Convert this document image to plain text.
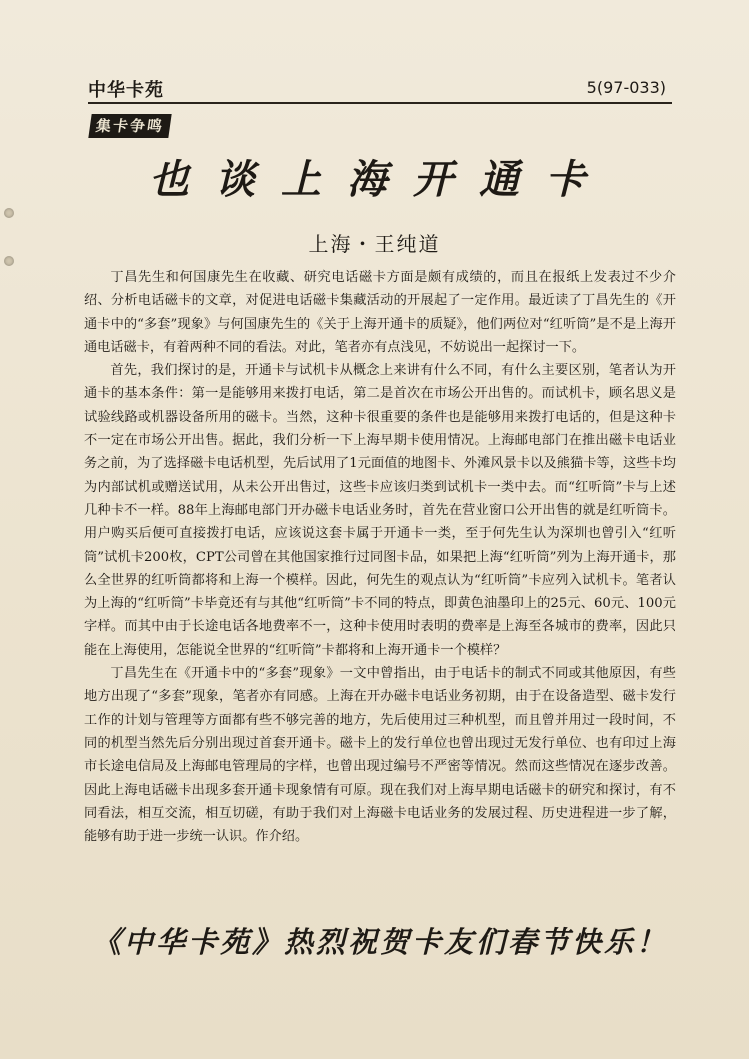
中华卡苑	5(97-033)
集卡争鸣
也谈上海开通卡
上海・王纯道

丁昌先生和何国康先生在收藏、研究电话磁卡方面是颇有成绩的，而且在报纸上发表过不少介绍、分析电话磁卡的文章，对促进电话磁卡集藏活动的开展起了一定作用。最近读了丁昌先生的《开通卡中的“多套”现象》与何国康先生的《关于上海开通卡的质疑》，他们两位对“红听筒”是不是上海开通电话磁卡，有着两种不同的看法。对此，笔者亦有点浅见，不妨说出一起探讨一下。

首先，我们探讨的是，开通卡与试机卡从概念上来讲有什么不同，有什么主要区别，笔者认为开通卡的基本条件：第一是能够用来拨打电话，第二是首次在市场公开出售的。而试机卡，顾名思义是试验线路或机器设备所用的磁卡。当然，这种卡很重要的条件也是能够用来拨打电话的，但是这种卡不一定在市场公开出售。据此，我们分析一下上海早期卡使用情况。上海邮电部门在推出磁卡电话业务之前，为了选择磁卡电话机型，先后试用了1元面值的地图卡、外滩风景卡以及熊猫卡等，这些卡均为内部试机或赠送试用，从未公开出售过，这些卡应该归类到试机卡一类中去。而“红听筒”卡与上述几种卡不一样。88年上海邮电部门开办磁卡电话业务时，首先在营业窗口公开出售的就是红听筒卡。用户购买后便可直接拨打电话，应该说这套卡属于开通卡一类，至于何先生认为深圳也曾引入“红听筒”试机卡200枚，CPT公司曾在其他国家推行过同图卡品，如果把上海“红听筒”列为上海开通卡，那么全世界的红听筒都将和上海一个模样。因此，何先生的观点认为“红听筒”卡应列入试机卡。笔者认为上海的“红听筒”卡毕竟还有与其他“红听筒”卡不同的特点，即黄色油墨印上的25元、60元、100元字样。而其中由于长途电话各地费率不一，这种卡使用时表明的费率是上海至各城市的费率，因此只能在上海使用，怎能说全世界的“红听筒”卡都将和上海开通卡一个模样？

丁昌先生在《开通卡中的“多套”现象》一文中曾指出，由于电话卡的制式不同或其他原因，有些地方出现了“多套”现象，笔者亦有同感。上海在开办磁卡电话业务初期，由于在设备造型、磁卡发行工作的计划与管理等方面都有些不够完善的地方，先后使用过三种机型，而且曾并用过一段时间，不同的机型当然先后分别出现过首套开通卡。磁卡上的发行单位也曾出现过无发行单位、也有印过上海市长途电信局及上海邮电管理局的字样，也曾出现过编号不严密等情况。然而这些情况在逐步改善。因此上海电话磁卡出现多套开通卡现象情有可原。现在我们对上海早期电话磁卡的研究和探讨，有不同看法，相互交流，相互切磋，有助于我们对上海磁卡电话业务的发展过程、历史进程进一步了解，能够有助于进一步统一认识。作介绍。

《中华卡苑》热烈祝贺卡友们春节快乐！
